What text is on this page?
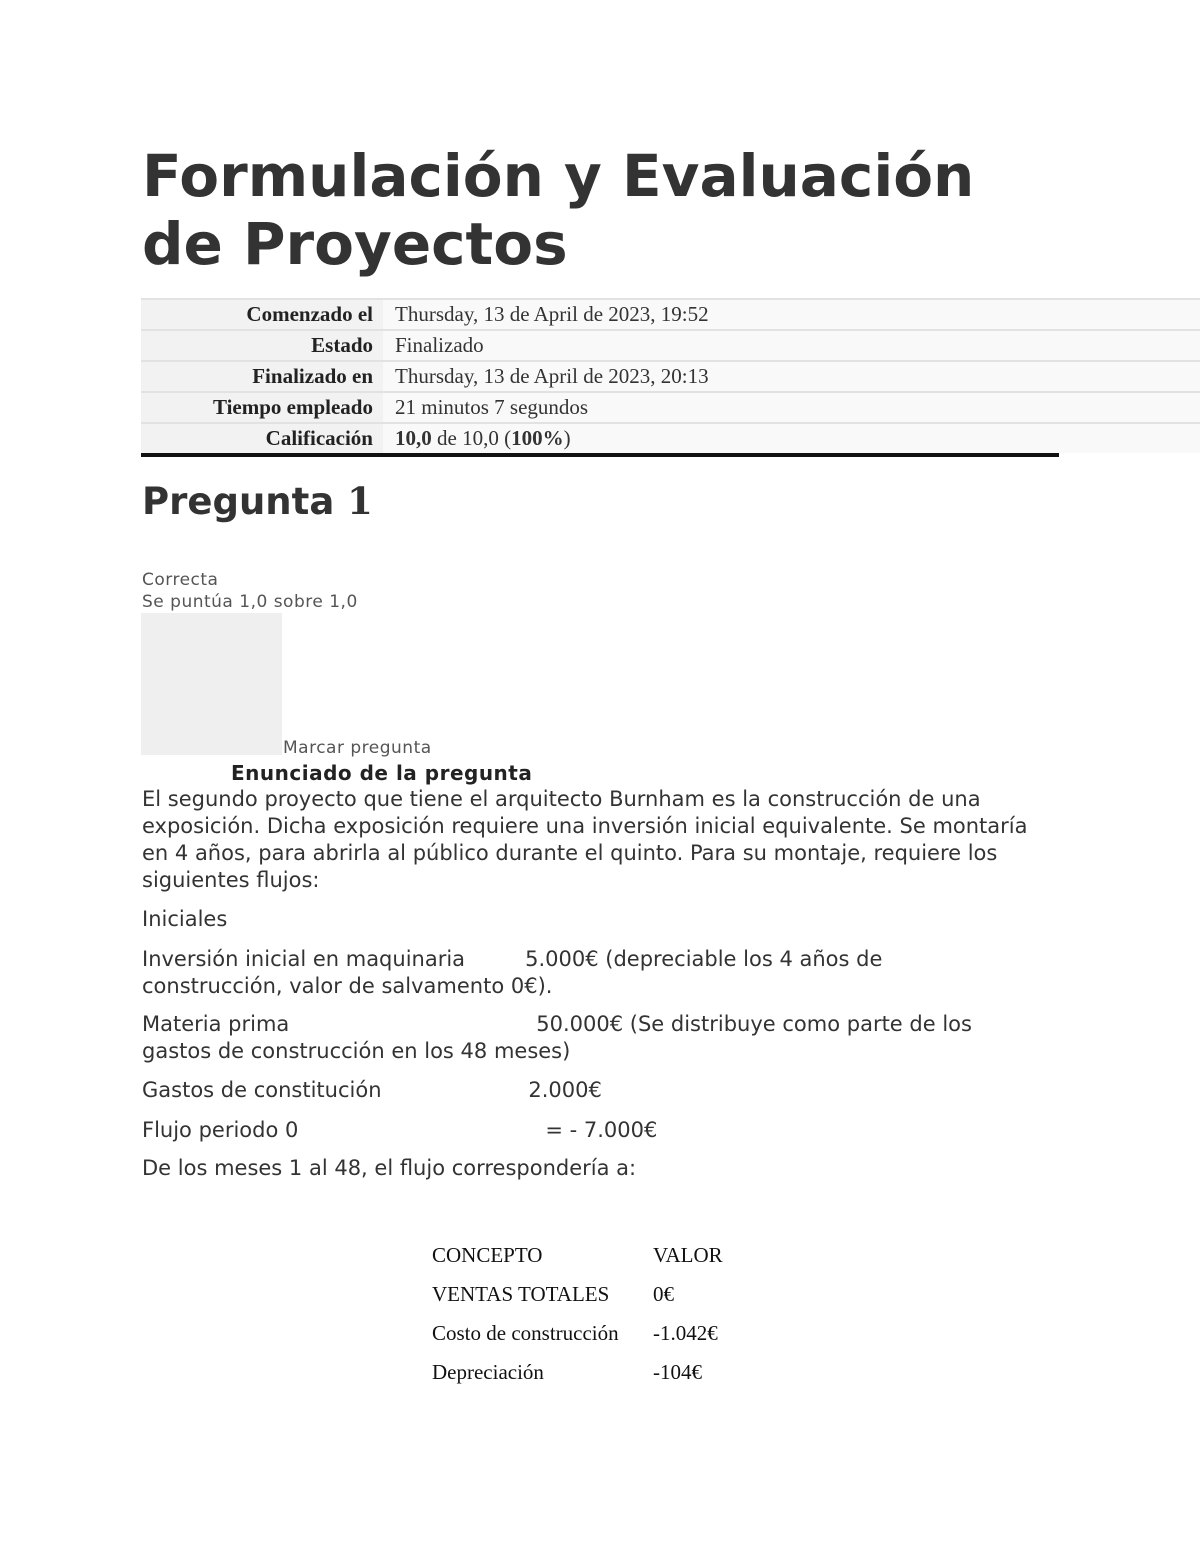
Formulación y Evaluación de Proyectos
Comenzado el	Thursday, 13 de April de 2023, 19:52
Estado	Finalizado
Finalizado en	Thursday, 13 de April de 2023, 20:13
Tiempo empleado	21 minutos 7 segundos
Calificación	10,0 de 10,0 (100%)
Pregunta 1
Correcta
Se puntúa 1,0 sobre 1,0
Marcar pregunta
Enunciado de la pregunta

El segundo proyecto que tiene el arquitecto Burnham es la construcción de una exposición. Dicha exposición requiere una inversión inicial equivalente. Se montaría en 4 años, para abrirla al público durante el quinto. Para su montaje, requiere los siguientes flujos:

Iniciales

Inversión inicial en maquinaria         5.000€ (depreciable los 4 años de

construcción, valor de salvamento 0€).

Materia prima                                     50.000€ (Se distribuye como parte de los

gastos de construcción en los 48 meses)

Gastos de constitución                      2.000€

Flujo periodo 0                                     = - 7.000€

De los meses 1 al 48, el flujo correspondería a:

CONCEPTO	VALOR
VENTAS TOTALES	0€
Costo de construcción	-1.042€
Depreciación	-104€
